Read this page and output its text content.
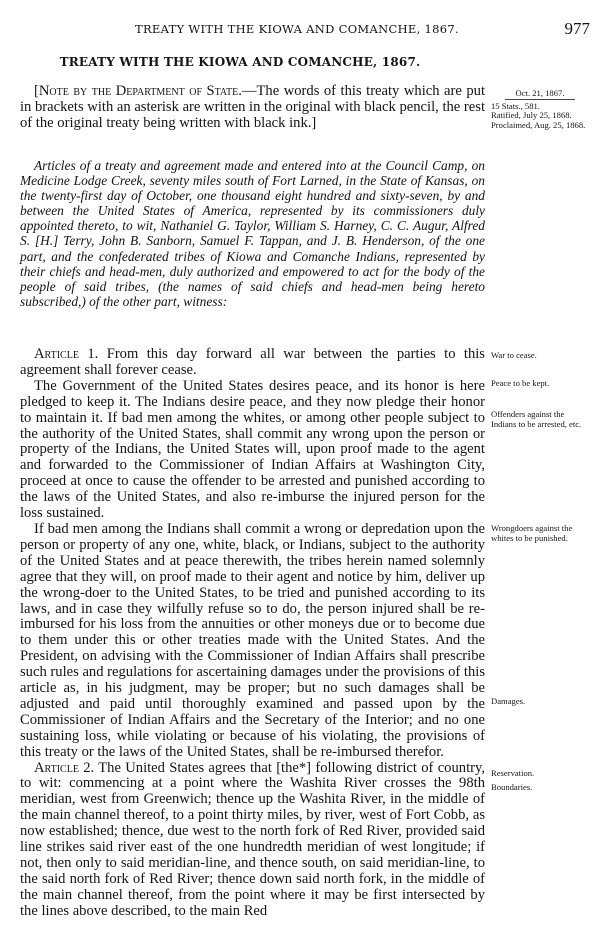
TREATY WITH THE KIOWA AND COMANCHE, 1867.	977
TREATY WITH THE KIOWA AND COMANCHE, 1867.

[Note by the Department of State.—The words of this treaty which are put in brackets with an asterisk are written in the original with black pencil, the rest of the original treaty being written with black ink.]

Articles of a treaty and agreement made and entered into at the Council Camp, on Medicine Lodge Creek, seventy miles south of Fort Larned, in the State of Kansas, on the twenty-first day of October, one thousand eight hundred and sixty-seven, by and between the United States of America, represented by its commissioners duly appointed thereto, to wit, Nathaniel G. Taylor, William S. Harney, C. C. Augur, Alfred S. [H.] Terry, John B. Sanborn, Samuel F. Tappan, and J. B. Henderson, of the one part, and the confederated tribes of Kiowa and Comanche Indians, represented by their chiefs and head-men, duly authorized and empowered to act for the body of the people of said tribes, (the names of said chiefs and head-men being hereto subscribed,) of the other part, witness:

Article 1. From this day forward all war between the parties to this agreement shall forever cease.

The Government of the United States desires peace, and its honor is here pledged to keep it. The Indians desire peace, and they now pledge their honor to maintain it. If bad men among the whites, or among other people subject to the authority of the United States, shall commit any wrong upon the person or property of the Indians, the United States will, upon proof made to the agent and forwarded to the Commissioner of Indian Affairs at Washington City, proceed at once to cause the offender to be arrested and punished according to the laws of the United States, and also re-imburse the injured person for the loss sustained.

If bad men among the Indians shall commit a wrong or depredation upon the person or property of any one, white, black, or Indians, subject to the authority of the United States and at peace therewith, the tribes herein named solemnly agree that they will, on proof made to their agent and notice by him, deliver up the wrong-doer to the United States, to be tried and punished according to its laws, and in case they wilfully refuse so to do, the person injured shall be re-imbursed for his loss from the annuities or other moneys due or to become due to them under this or other treaties made with the United States. And the President, on advising with the Commissioner of Indian Affairs shall prescribe such rules and regulations for ascertaining damages under the provisions of this article as, in his judgment, may be proper; but no such damages shall be adjusted and paid until thoroughly examined and passed upon by the Commissioner of Indian Affairs and the Secretary of the Interior; and no one sustaining loss, while violating or because of his violating, the provisions of this treaty or the laws of the United States, shall be re-imbursed therefor.

Article 2. The United States agrees that [the*] following district of country, to wit: commencing at a point where the Washita River crosses the 98th meridian, west from Greenwich; thence up the Washita River, in the middle of the main channel thereof, to a point thirty miles, by river, west of Fort Cobb, as now established; thence, due west to the north fork of Red River, provided said line strikes said river east of the one hundredth meridian of west longitude; if not, then only to said meridian-line, and thence south, on said meridian-line, to the said north fork of Red River; thence down said north fork, in the middle of the main channel thereof, from the point where it may be first intersected by the lines above described, to the main Red

Oct. 21, 1867.
15 Stats., 581.
Ratified, July 25, 1868.
Proclaimed, Aug. 25, 1868.
War to cease.
Peace to be kept.
Offenders against the Indians to be arrested, etc.
Wrongdoers against the whites to be punished.
Damages.
Reservation.
Boundaries.
